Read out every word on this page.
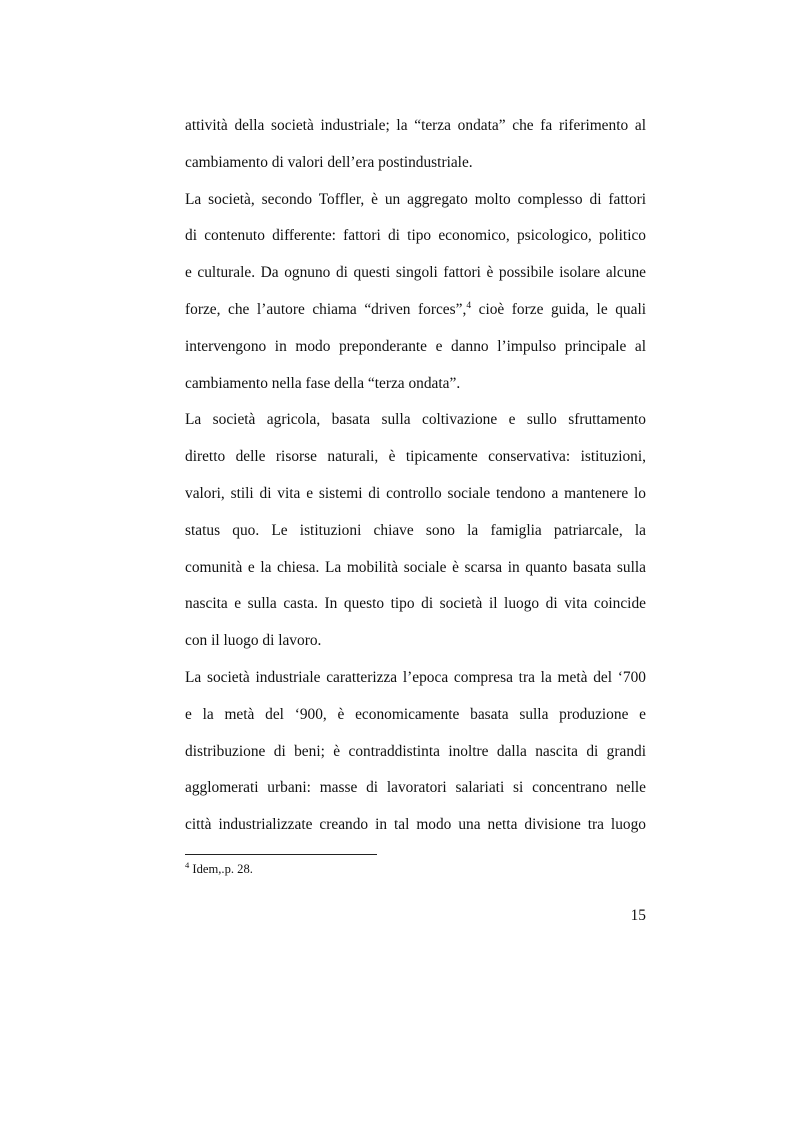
attività della società industriale; la “terza ondata” che fa riferimento al
cambiamento di valori dell’era postindustriale.
La società, secondo Toffler, è un aggregato molto complesso di fattori
di contenuto differente: fattori di tipo economico, psicologico, politico
e culturale. Da ognuno di questi singoli fattori è possibile isolare alcune
forze, che l’autore chiama “driven forces”,$^4$ cioè forze guida, le quali
intervengono in modo preponderante e danno l’impulso principale al
cambiamento nella fase della “terza ondata”.
La società agricola, basata sulla coltivazione e sullo sfruttamento
diretto delle risorse naturali, è tipicamente conservativa: istituzioni,
valori, stili di vita e sistemi di controllo sociale tendono a mantenere lo
status quo. Le istituzioni chiave sono la famiglia patriarcale, la
comunità e la chiesa. La mobilità sociale è scarsa in quanto basata sulla
nascita e sulla casta. In questo tipo di società il luogo di vita coincide
con il luogo di lavoro.
La società industriale caratterizza l’epoca compresa tra la metà del ‘700
e la metà del ‘900, è economicamente basata sulla produzione e
distribuzione di beni; è contraddistinta inoltre dalla nascita di grandi
agglomerati urbani: masse di lavoratori salariati si concentrano nelle
città industrializzate creando in tal modo una netta divisione tra luogo
$^4$ Idem,.p. 28.
15
